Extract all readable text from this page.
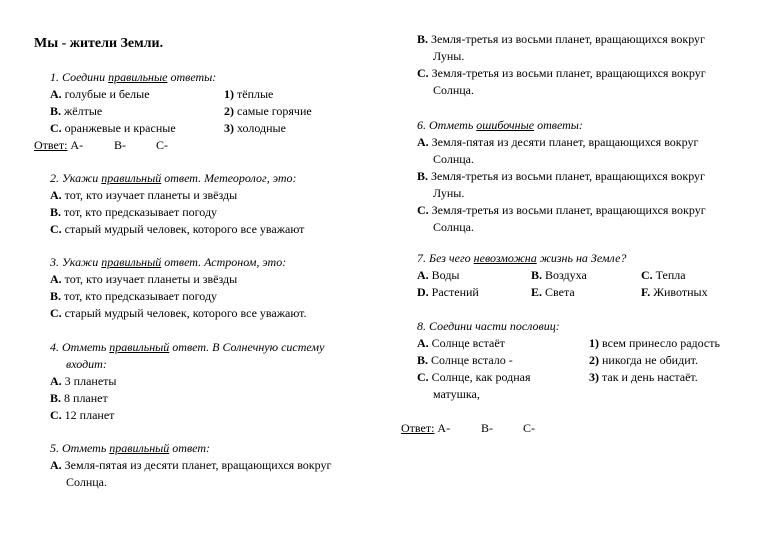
Мы - жители Земли.
1. Соедини правильные ответы:
А. голубые и белые	1) тёплые
В. жёлтые	2) самые горячие
С. оранжевые и красные	3) холодные
Ответ: А-	В-	С-
2. Укажи правильный ответ. Метеоролог, это:
А. тот, кто изучает планеты и звёзды
В. тот, кто предсказывает погоду
С. старый мудрый человек, которого все уважают
3. Укажи правильный ответ. Астроном, это:
А. тот, кто изучает планеты и звёзды
В. тот, кто предсказывает погоду
С. старый мудрый человек, которого все уважают.
4. Отметь правильный ответ. В Солнечную систему
входит:
А. 3 планеты
В. 8 планет
С. 12 планет
5. Отметь правильный ответ:
А. Земля-пятая из десяти планет, вращающихся вокруг
Солнца.
В. Земля-третья из восьми планет, вращающихся вокруг
Луны.
С. Земля-третья из восьми планет, вращающихся вокруг
Солнца.
6. Отметь ошибочные ответы:
А. Земля-пятая из десяти планет, вращающихся вокруг
Солнца.
В. Земля-третья из восьми планет, вращающихся вокруг
Луны.
С. Земля-третья из восьми планет, вращающихся вокруг
Солнца.
7. Без чего невозможна жизнь на Земле?
А. Воды	В. Воздуха	С. Тепла
D. Растений	E. Света	F. Животных
8. Соедини части пословиц:
А. Солнце встаёт	1) всем принесло радость
В. Солнце встало -	2) никогда не обидит.
С. Солнце, как родная	3) так и день настаёт.
матушка,
Ответ: А-	В-	С-
